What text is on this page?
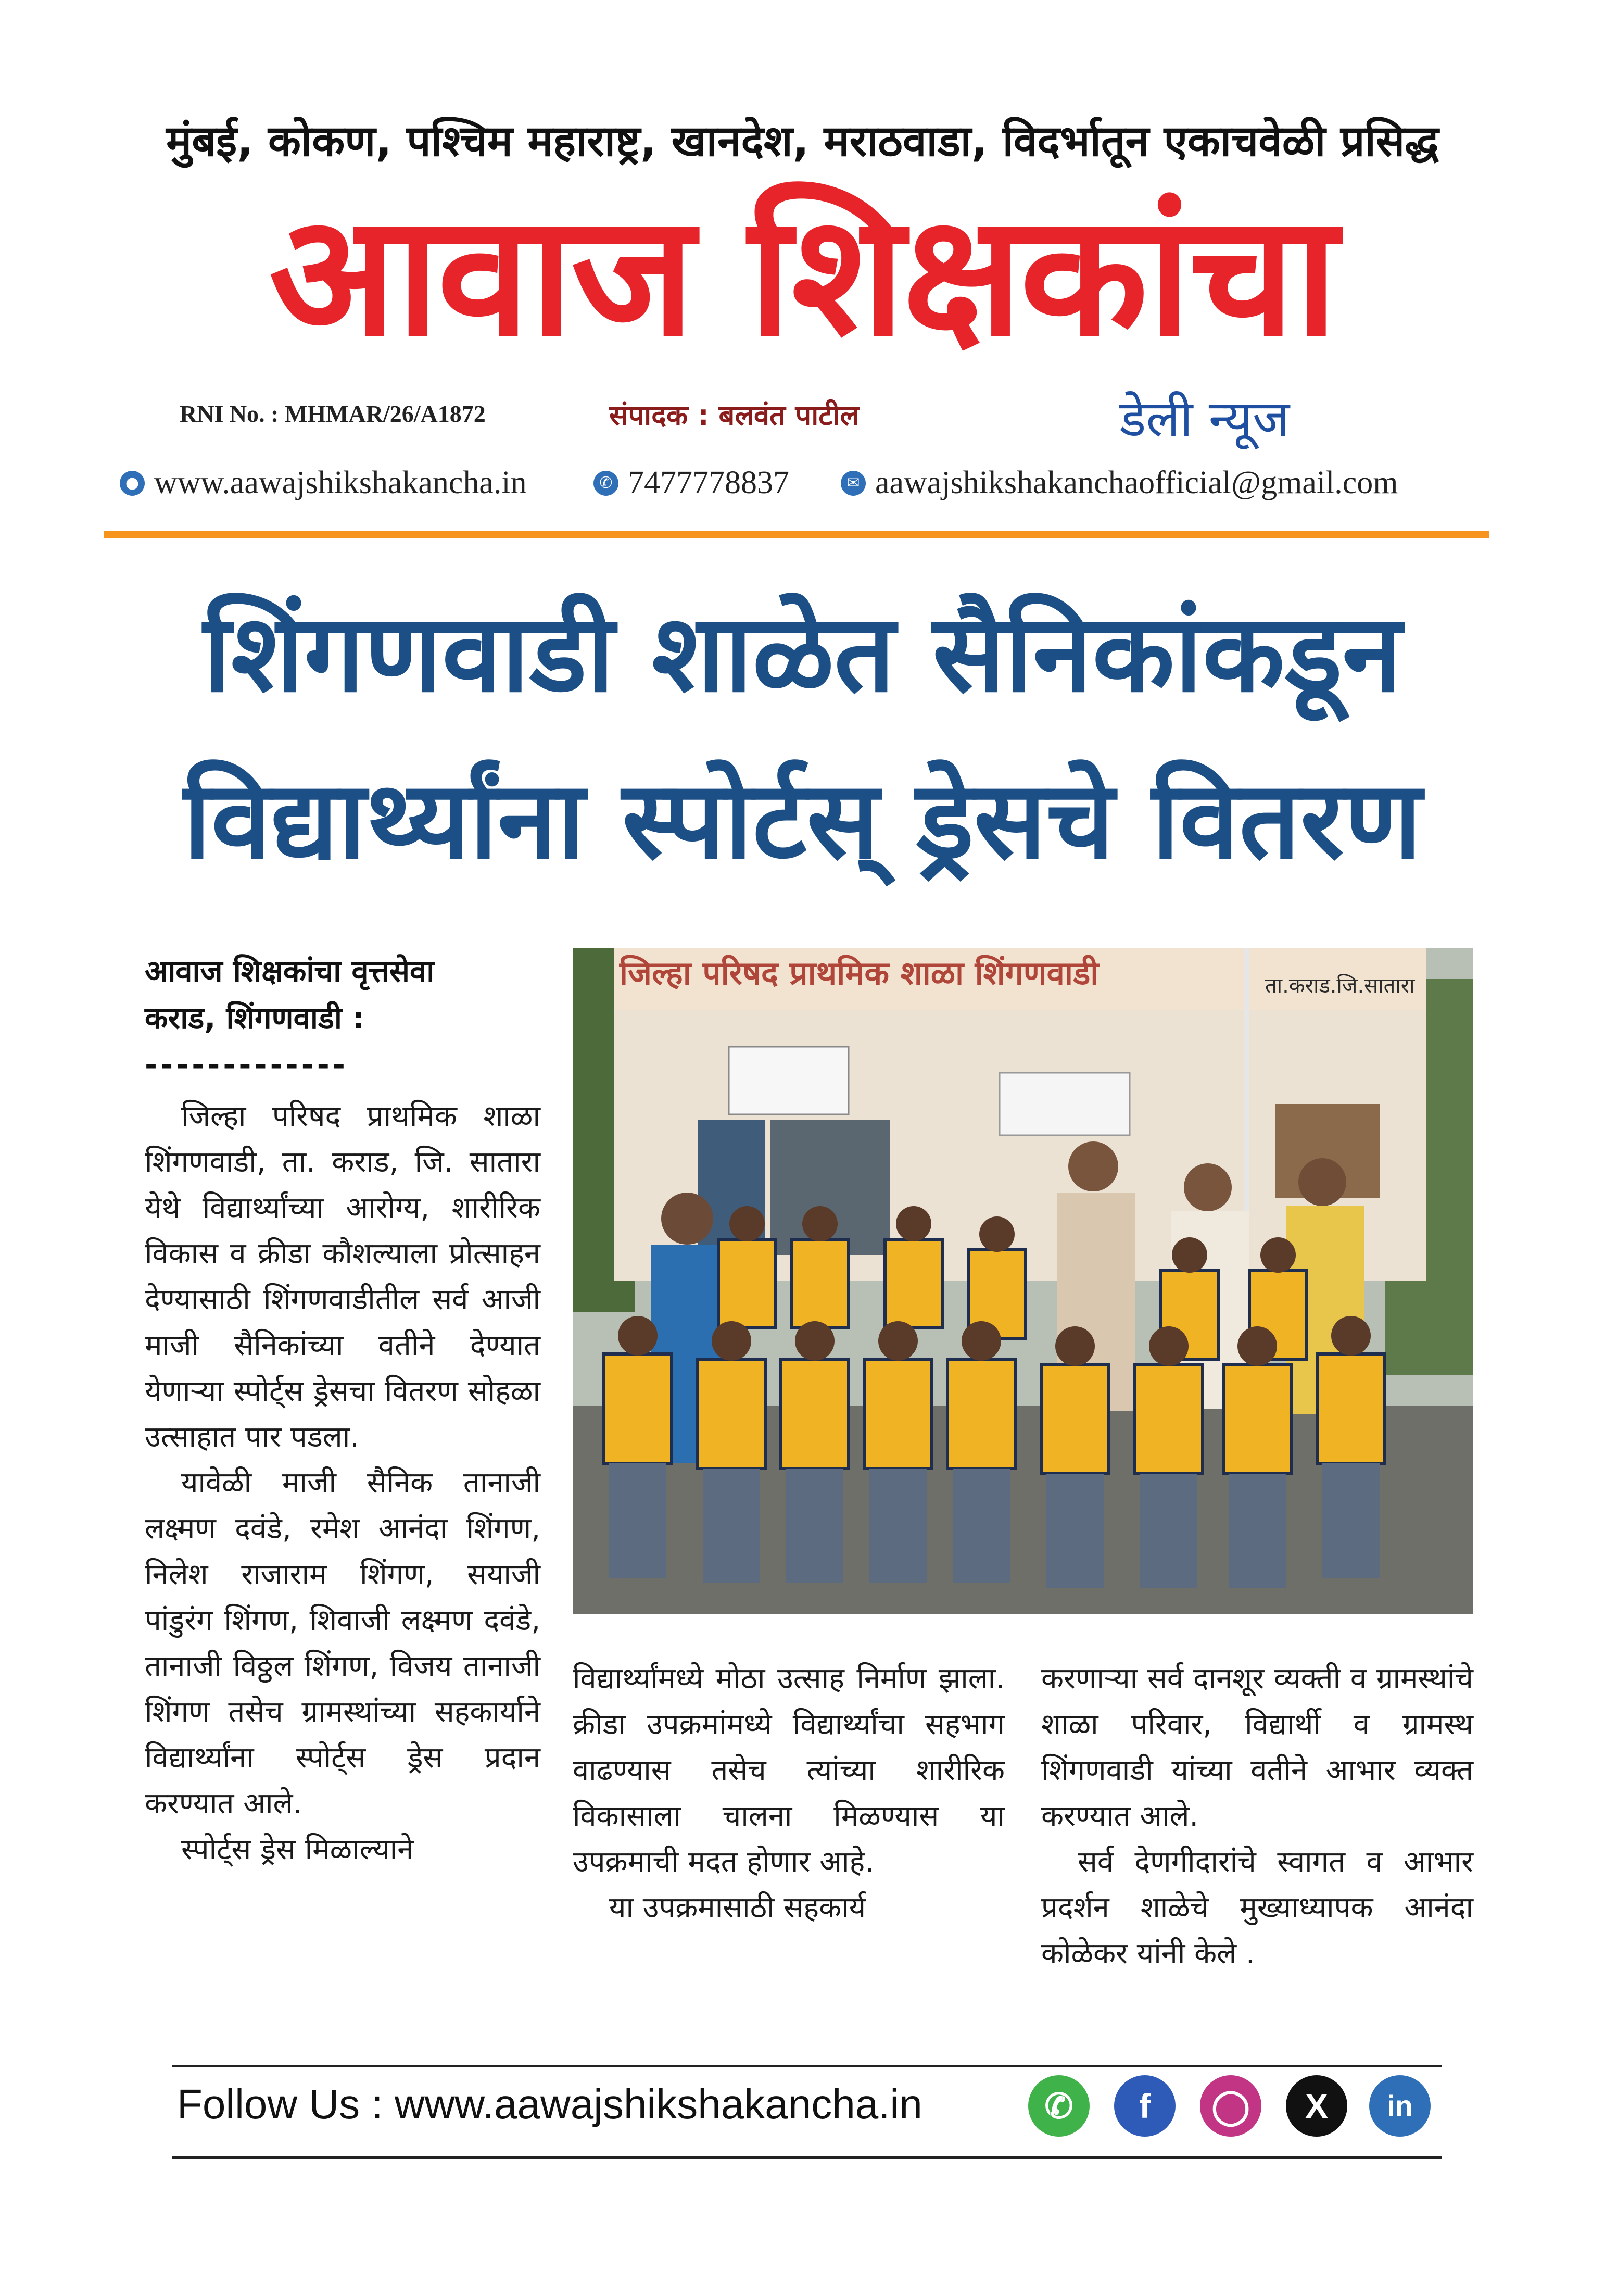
मुंबई, कोकण, पश्चिम महाराष्ट्र, खानदेश, मराठवाडा, विदर्भातून एकाचवेळी प्रसिद्ध
आवाज शिक्षकांचा
RNI No. : MHMAR/26/A1872	संपादक : बलवंत पाटील	डेली न्यूज
● www.aawajshikshakancha.in	✆ 7477778837	✉ aawajshikshakanchaofficial@gmail.com
शिंगणवाडी शाळेत सैनिकांकडून
विद्यार्थ्यांना स्पोर्टस् ड्रेसचे वितरण
आवाज शिक्षकांचा वृत्तसेवा
कराड, शिंगणवाडी :
-------------

जिल्हा परिषद प्राथमिक शाळा शिंगणवाडी, ता. कराड, जि. सातारा येथे विद्यार्थ्यांच्या आरोग्य, शारीरिक विकास व क्रीडा कौशल्याला प्रोत्साहन देण्यासाठी शिंगणवाडीतील सर्व आजी माजी सैनिकांच्या वतीने देण्यात येणाऱ्या स्पोर्ट्स ड्रेसचा वितरण सोहळा उत्साहात पार पडला.

यावेळी माजी सैनिक तानाजी लक्ष्मण दवंडे, रमेश आनंदा शिंगण, निलेश राजाराम शिंगण, सयाजी पांडुरंग शिंगण, शिवाजी लक्ष्मण दवंडे, तानाजी विठ्ठल शिंगण, विजय तानाजी शिंगण तसेच ग्रामस्थांच्या सहकार्याने विद्यार्थ्यांना स्पोर्ट्स ड्रेस प्रदान करण्यात आले.

स्पोर्ट्स ड्रेस मिळाल्याने

जिल्हा परिषद प्राथमिक शाळा शिंगणवाडी	ता.कराड.जि.सातारा

विद्यार्थ्यांमध्ये मोठा उत्साह निर्माण झाला. क्रीडा उपक्रमांमध्ये विद्यार्थ्यांचा सहभाग वाढण्यास तसेच त्यांच्या शारीरिक विकासाला चालना मिळण्यास या उपक्रमाची मदत होणार आहे.

या उपक्रमासाठी सहकार्य

करणाऱ्या सर्व दानशूर व्यक्ती व ग्रामस्थांचे शाळा परिवार, विद्यार्थी व ग्रामस्थ शिंगणवाडी यांच्या वतीने आभार व्यक्त करण्यात आले.

सर्व देणगीदारांचे स्वागत व आभार प्रदर्शन शाळेचे मुख्याध्यापक आनंदा कोळेकर यांनी केले .

Follow Us : www.aawajshikshakancha.in	✆	f	◯	X	in
